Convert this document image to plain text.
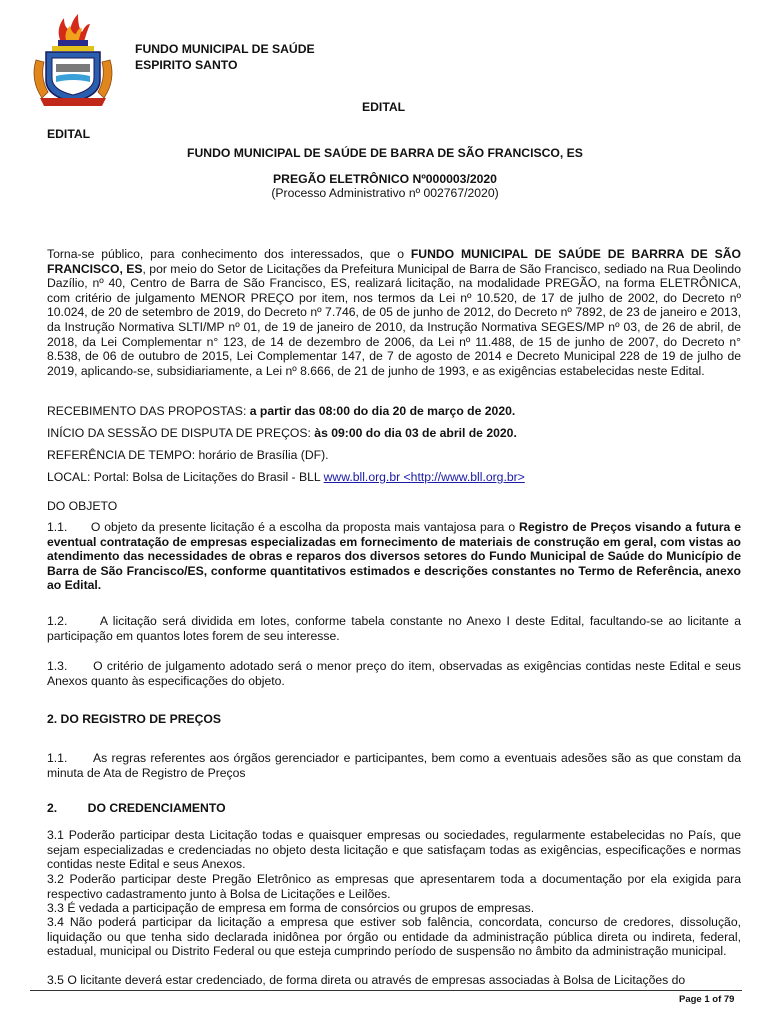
FUNDO MUNICIPAL DE SAÚDE
ESPIRITO SANTO
EDITAL
EDITAL
FUNDO MUNICIPAL DE SAÚDE DE BARRA DE SÃO FRANCISCO, ES
PREGÃO ELETRÔNICO Nº000003/2020
(Processo Administrativo nº 002767/2020)
Torna-se público, para conhecimento dos interessados, que o FUNDO MUNICIPAL DE SAÚDE DE BARRRA DE SÃO FRANCISCO, ES, por meio do Setor de Licitações da Prefeitura Municipal de Barra de São Francisco, sediado na Rua Deolindo Dazílio, nº 40, Centro de Barra de São Francisco, ES, realizará licitação, na modalidade PREGÃO, na forma ELETRÔNICA, com critério de julgamento MENOR PREÇO por item, nos termos da Lei nº 10.520, de 17 de julho de 2002, do Decreto nº 10.024, de 20 de setembro de 2019, do Decreto nº 7.746, de 05 de junho de 2012, do Decreto nº 7892, de 23 de janeiro e 2013, da Instrução Normativa SLTI/MP nº 01, de 19 de janeiro de 2010, da Instrução Normativa SEGES/MP nº 03, de 26 de abril, de 2018, da Lei Complementar n° 123, de 14 de dezembro de 2006, da Lei nº 11.488, de 15 de junho de 2007, do Decreto n° 8.538, de 06 de outubro de 2015, Lei Complementar 147, de 7 de agosto de 2014 e Decreto Municipal 228 de 19 de julho de 2019, aplicando-se, subsidiariamente, a Lei nº 8.666, de 21 de junho de 1993, e as exigências estabelecidas neste Edital.
RECEBIMENTO DAS PROPOSTAS: a partir das 08:00 do dia 20 de março de 2020.
INÍCIO DA SESSÃO DE DISPUTA DE PREÇOS: às 09:00 do dia 03 de abril de 2020.
REFERÊNCIA DE TEMPO: horário de Brasília (DF).
LOCAL: Portal: Bolsa de Licitações do Brasil - BLL www.bll.org.br <http://www.bll.org.br>
DO OBJETO
1.1. O objeto da presente licitação é a escolha da proposta mais vantajosa para o Registro de Preços visando a futura e eventual contratação de empresas especializadas em fornecimento de materiais de construção em geral, com vistas ao atendimento das necessidades de obras e reparos dos diversos setores do Fundo Municipal de Saúde do Município de Barra de São Francisco/ES, conforme quantitativos estimados e descrições constantes no Termo de Referência, anexo ao Edital.
1.2.	A licitação será dividida em lotes, conforme tabela constante no Anexo I deste Edital, facultando-se ao licitante a participação em quantos lotes forem de seu interesse.
1.3. O critério de julgamento adotado será o menor preço do item, observadas as exigências contidas neste Edital e seus Anexos quanto às especificações do objeto.
2. DO REGISTRO DE PREÇOS
1.1. As regras referentes aos órgãos gerenciador e participantes, bem como a eventuais adesões são as que constam da minuta de Ata de Registro de Preços
2. DO CREDENCIAMENTO
3.1 Poderão participar desta Licitação todas e quaisquer empresas ou sociedades, regularmente estabelecidas no País, que sejam especializadas e credenciadas no objeto desta licitação e que satisfaçam todas as exigências, especificações e normas contidas neste Edital e seus Anexos.
3.2 Poderão participar deste Pregão Eletrônico as empresas que apresentarem toda a documentação por ela exigida para respectivo cadastramento junto à Bolsa de Licitações e Leilões.
3.3 É vedada a participação de empresa em forma de consórcios ou grupos de empresas.
3.4 Não poderá participar da licitação a empresa que estiver sob falência, concordata, concurso de credores, dissolução, liquidação ou que tenha sido declarada inidônea por órgão ou entidade da administração pública direta ou indireta, federal, estadual, municipal ou Distrito Federal ou que esteja cumprindo período de suspensão no âmbito da administração municipal.
3.5 O licitante deverá estar credenciado, de forma direta ou através de empresas associadas à Bolsa de Licitações do
Page 1 of 79
